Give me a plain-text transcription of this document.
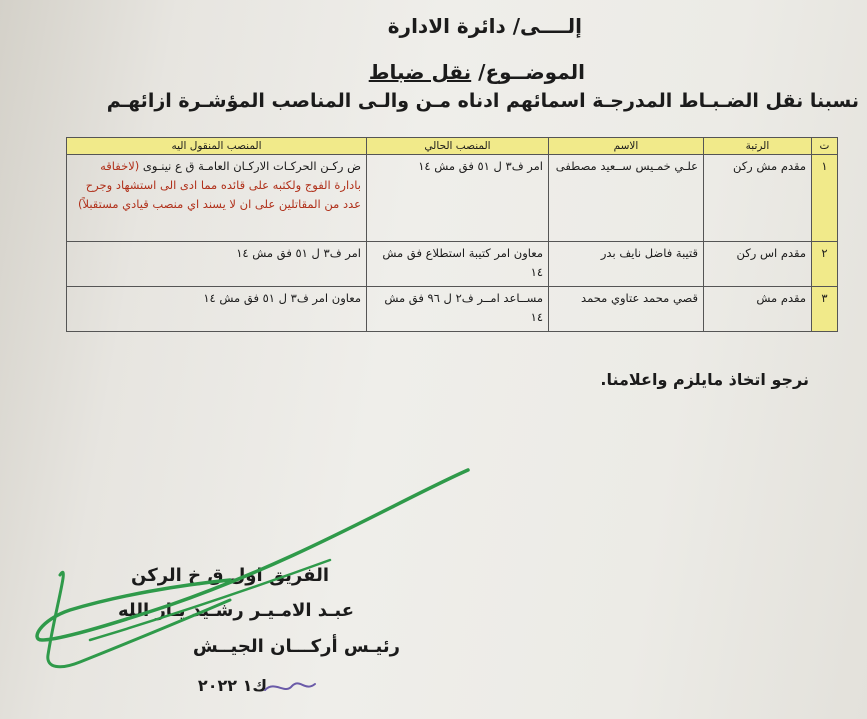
إلــــى/ دائرة الادارة
الموضــوع/ نقل ضباط
نسبنا نقل الضـبـاط المدرجـة اسمائهم ادناه مـن والـى المناصب المؤشـرة ازائهـم
ت	الرتبة	الاسم	المنصب الحالي	المنصب المنقول اليه
١	مقدم مش ركن	علـي خمـيس ســعيد مصطفى	امر ف٣ ل ٥١ فق مش ١٤	ض ركـن الحركـات الاركـان العامـة ق ع نينـوى (لاخفاقه بادارة الفوج ولكثبه على قائده مما ادى الى استشهاد وجرح عدد من المقاتلين على ان لا يسند اي منصب قيادي مستقبلاً)
٢	مقدم اس ركن	قتيبة فاضل نايف بدر	معاون امر كتيبة استطلاع فق مش ١٤	امر ف٣ ل ٥١ فق مش ١٤
٣	مقدم مش	قصي محمد عتاوي محمد	مســاعد امــر ف٢ ل ٩٦ فق مش ١٤	معاون امر ف٣ ل ٥١ فق مش ١٤
نرجو اتخاذ مايلزم واعلامنا.
الفريق اول ق خ الركن
عبـد الامـيـر رشـيد يـار الله
رئيـس أركـــان الجيــش
ك١ ٢٠٢٢
